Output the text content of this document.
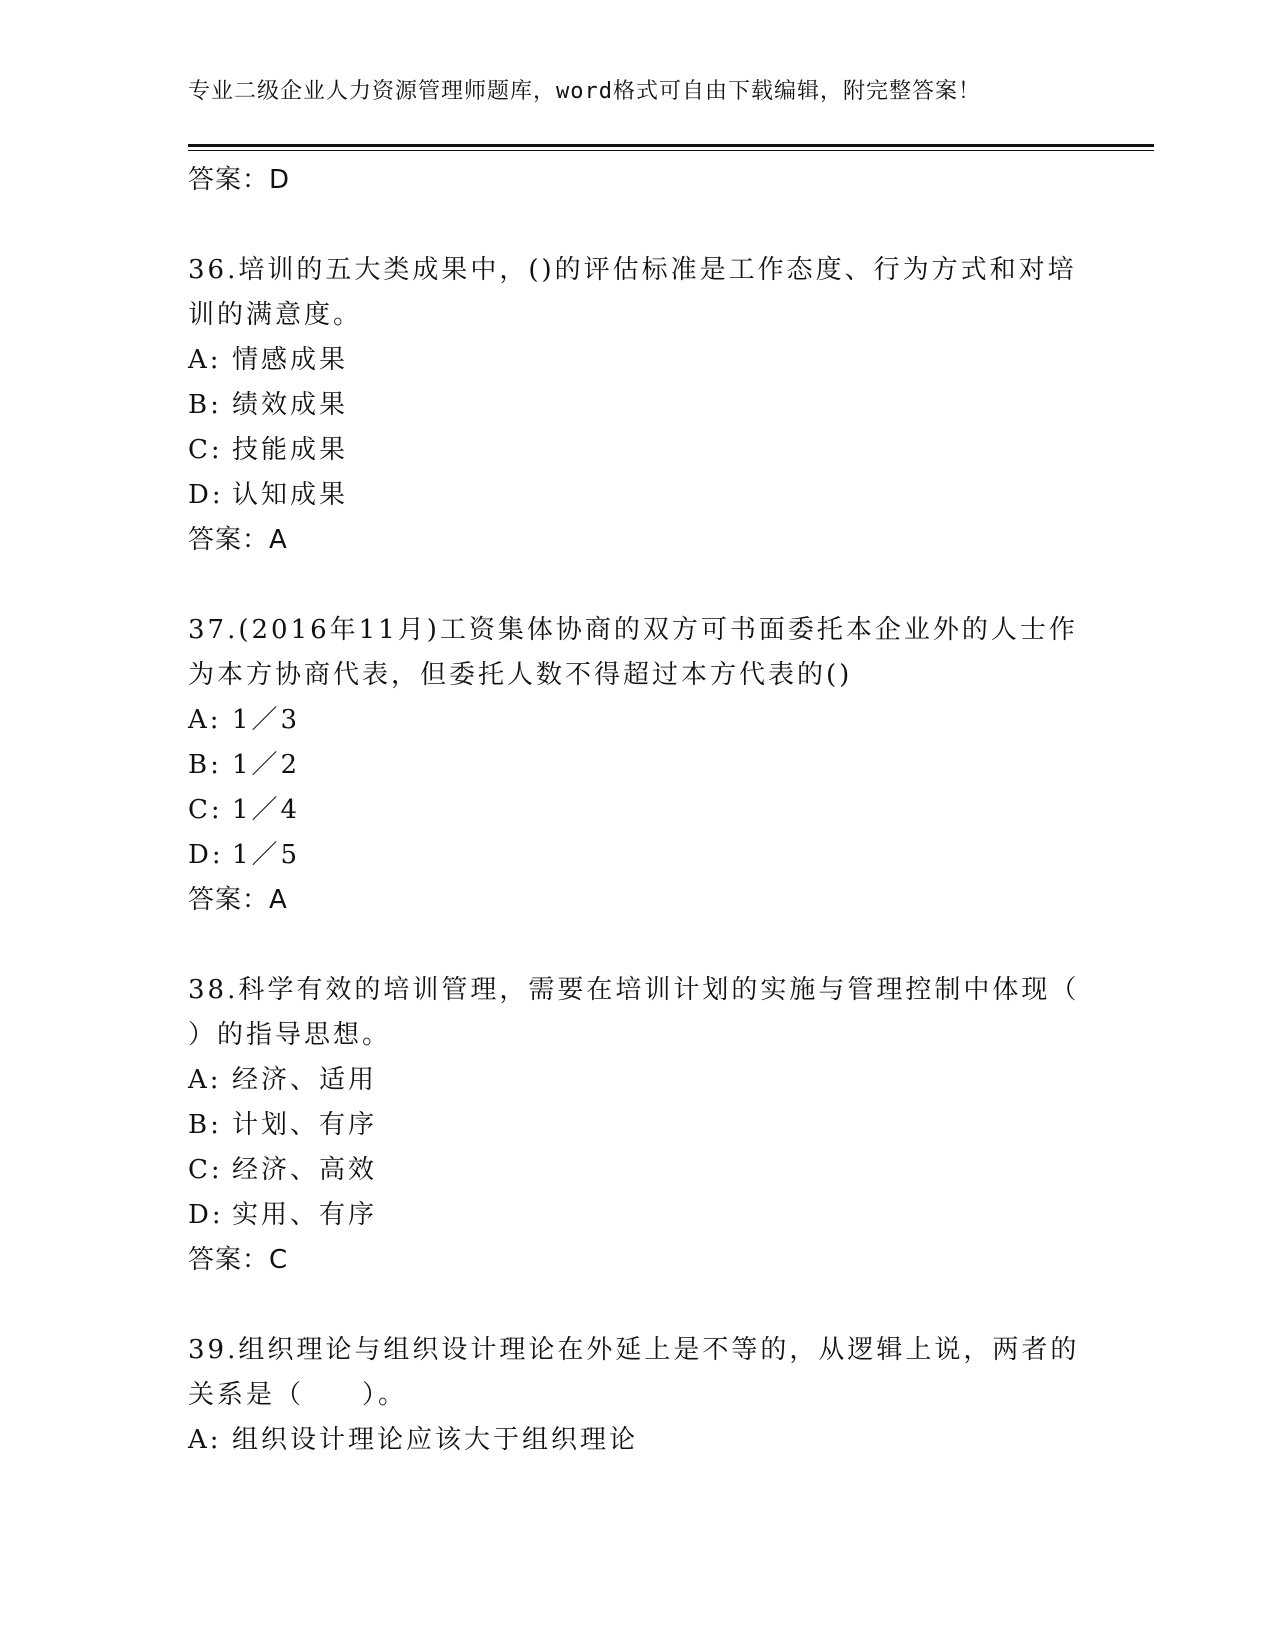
专业二级企业人力资源管理师题库，word格式可自由下载编辑，附完整答案！
答案：D
36.培训的五大类成果中，()的评估标准是工作态度、行为方式和对培
训的满意度。
A: 情感成果
B: 绩效成果
C: 技能成果
D: 认知成果
答案：A
37.(2016年11月)工资集体协商的双方可书面委托本企业外的人士作
为本方协商代表，但委托人数不得超过本方代表的()
A: 1／3
B: 1／2
C: 1／4
D: 1／5
答案：A
38.科学有效的培训管理，需要在培训计划的实施与管理控制中体现（
）的指导思想。
A: 经济、适用
B: 计划、有序
C: 经济、高效
D: 实用、有序
答案：C
39.组织理论与组织设计理论在外延上是不等的，从逻辑上说，两者的
关系是（　　）。
A: 组织设计理论应该大于组织理论
